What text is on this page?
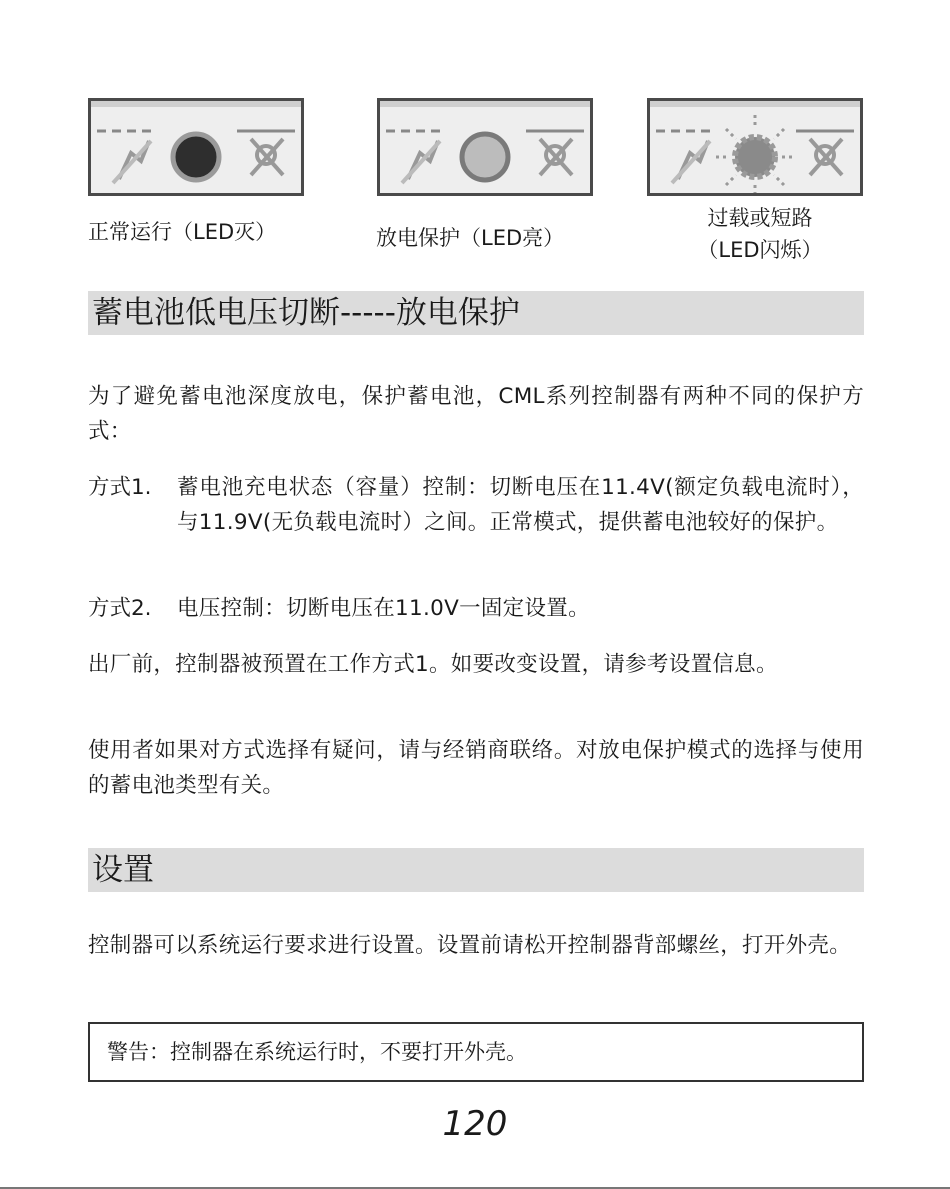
正常运行（LED灭）	放电保护（LED亮）
过载或短路
（LED闪烁）
蓄电池低电压切断-----放电保护
为了避免蓄电池深度放电，保护蓄电池，CML系列控制器有两种不同的保护方式：
方式1. 蓄电池充电状态（容量）控制：切断电压在11.4V(额定负载电流时），与11.9V(无负载电流时）之间。正常模式，提供蓄电池较好的保护。
方式2. 电压控制：切断电压在11.0V一固定设置。
出厂前，控制器被预置在工作方式1。如要改变设置，请参考设置信息。
使用者如果对方式选择有疑问，请与经销商联络。对放电保护模式的选择与使用的蓄电池类型有关。
设置
控制器可以系统运行要求进行设置。设置前请松开控制器背部螺丝，打开外壳。
警告：控制器在系统运行时，不要打开外壳。
120
